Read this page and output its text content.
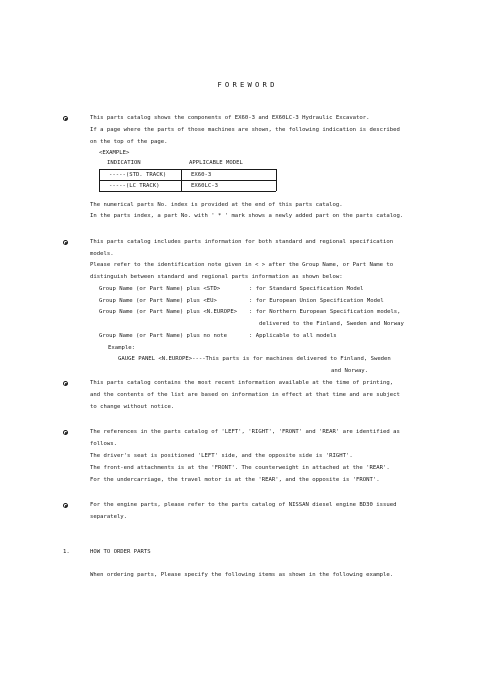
FOREWORD
This parts catalog shows the components of EX60-3 and EX60LC-3 Hydraulic Excavator.
If a page where the parts of those machines are shown, the following indication is described
on the top of the page.
<EXAMPLE>
INDICATION	APPLICABLE MODEL
-----(STD. TRACK)	EX60-3
-----(LC TRACK)	EX60LC-3
The numerical parts No. index is provided at the end of this parts catalog.
In the parts index, a part No. with ' * ' mark shows a newly added part on the parts catalog.
This parts catalog includes parts information for both standard and regional specification
models.
Please refer to the identification note given in < > after the Group Name, or Part Name to
distinguish between standard and regional parts information as shown below:
Group Name (or Part Name) plus <STD>	: for Standard Specification Model
Group Name (or Part Name) plus <EU>	: for European Union Specification Model
Group Name (or Part Name) plus <N.EUROPE> : for Northern European Specification models,
delivered to the Finland, Sweden and Norway
Group Name (or Part Name) plus no note	: Applicable to all models
Example:
GAUGE PANEL <N.EUROPE>----This parts is for machines delivered to Finland, Sweden
and Norway.
This parts catalog contains the most recent information available at the time of printing,
and the contents of the list are based on information in effect at that time and are subject
to change without notice.
The references in the parts catalog of 'LEFT', 'RIGHT', 'FRONT' and 'REAR' are identified as
follows.
The driver's seat is positioned 'LEFT' side, and the opposite side is 'RIGHT'.
The front-end attachments is at the 'FRONT'. The counterweight in attached at the 'REAR'.
For the undercarriage, the travel motor is at the 'REAR', and the opposite is 'FRONT'.
For the engine parts, please refer to the parts catalog of NISSAN diesel engine BD30 issued
separately.
1.	HOW TO ORDER PARTS
When ordering parts, Please specify the following items as shown in the following example.
